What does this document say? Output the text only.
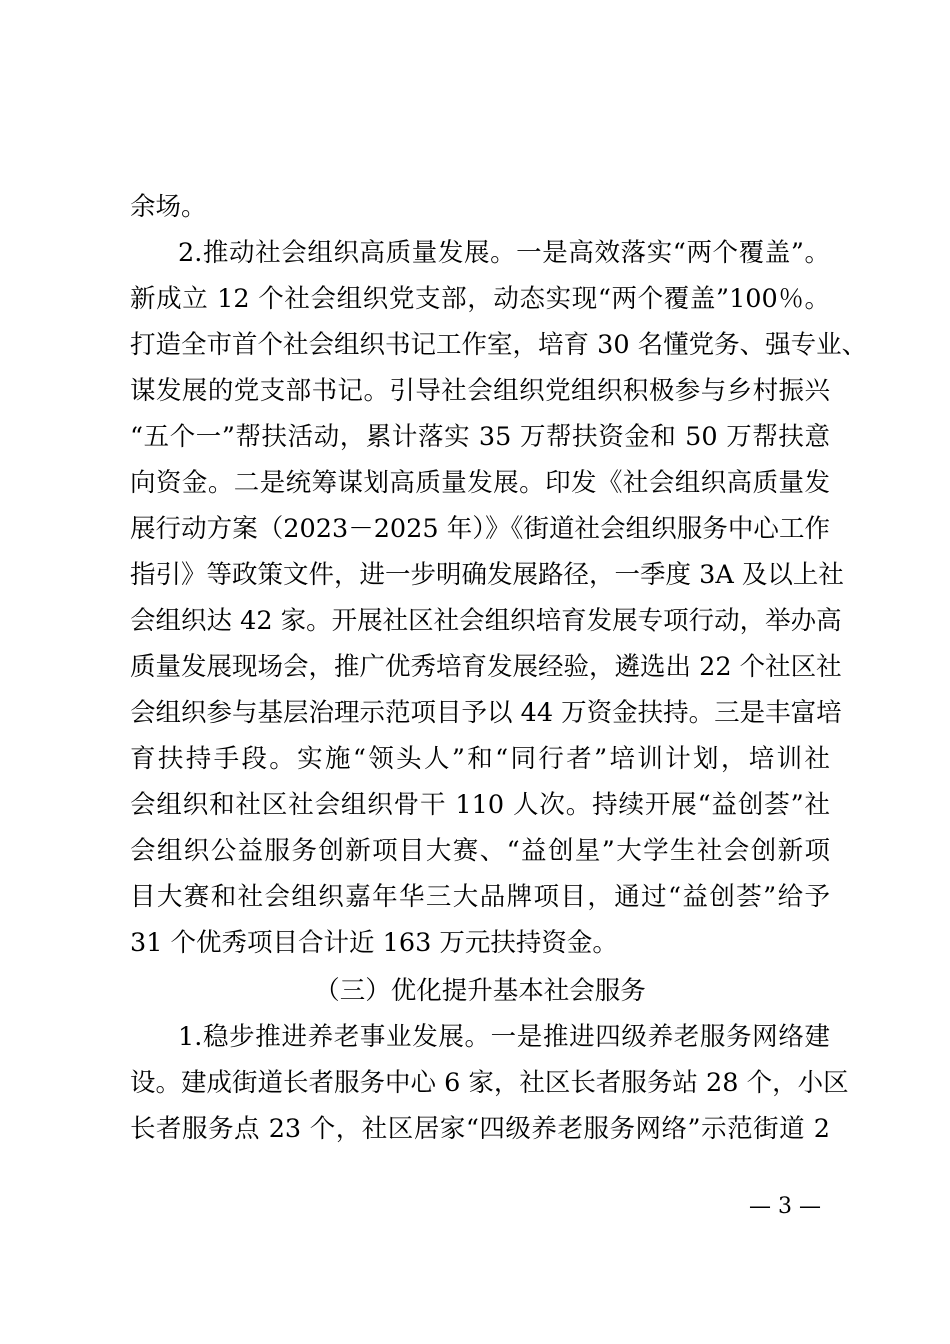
余场。
2.推动社会组织高质量发展。一是高效落实“两个覆盖”。
新成立 12 个社会组织党支部，动态实现“两个覆盖”100％。
打造全市首个社会组织书记工作室，培育 30 名懂党务、强专业、
谋发展的党支部书记。引导社会组织党组织积极参与乡村振兴
“五个一”帮扶活动，累计落实 35 万帮扶资金和 50 万帮扶意
向资金。二是统筹谋划高质量发展。印发《社会组织高质量发
展行动方案（2023－2025 年）》《街道社会组织服务中心工作
指引》等政策文件，进一步明确发展路径，一季度 3A 及以上社
会组织达 42 家。开展社区社会组织培育发展专项行动，举办高
质量发展现场会，推广优秀培育发展经验，遴选出 22 个社区社
会组织参与基层治理示范项目予以 44 万资金扶持。三是丰富培
育扶持手段。实施“领头人”和“同行者”培训计划，培训社
会组织和社区社会组织骨干 110 人次。持续开展“益创荟”社
会组织公益服务创新项目大赛、“益创星”大学生社会创新项
目大赛和社会组织嘉年华三大品牌项目，通过“益创荟”给予
31 个优秀项目合计近 163 万元扶持资金。
（三）优化提升基本社会服务
1.稳步推进养老事业发展。一是推进四级养老服务网络建
设。建成街道长者服务中心 6 家，社区长者服务站 28 个，小区
长者服务点 23 个，社区居家“四级养老服务网络”示范街道 2
— 3 —
